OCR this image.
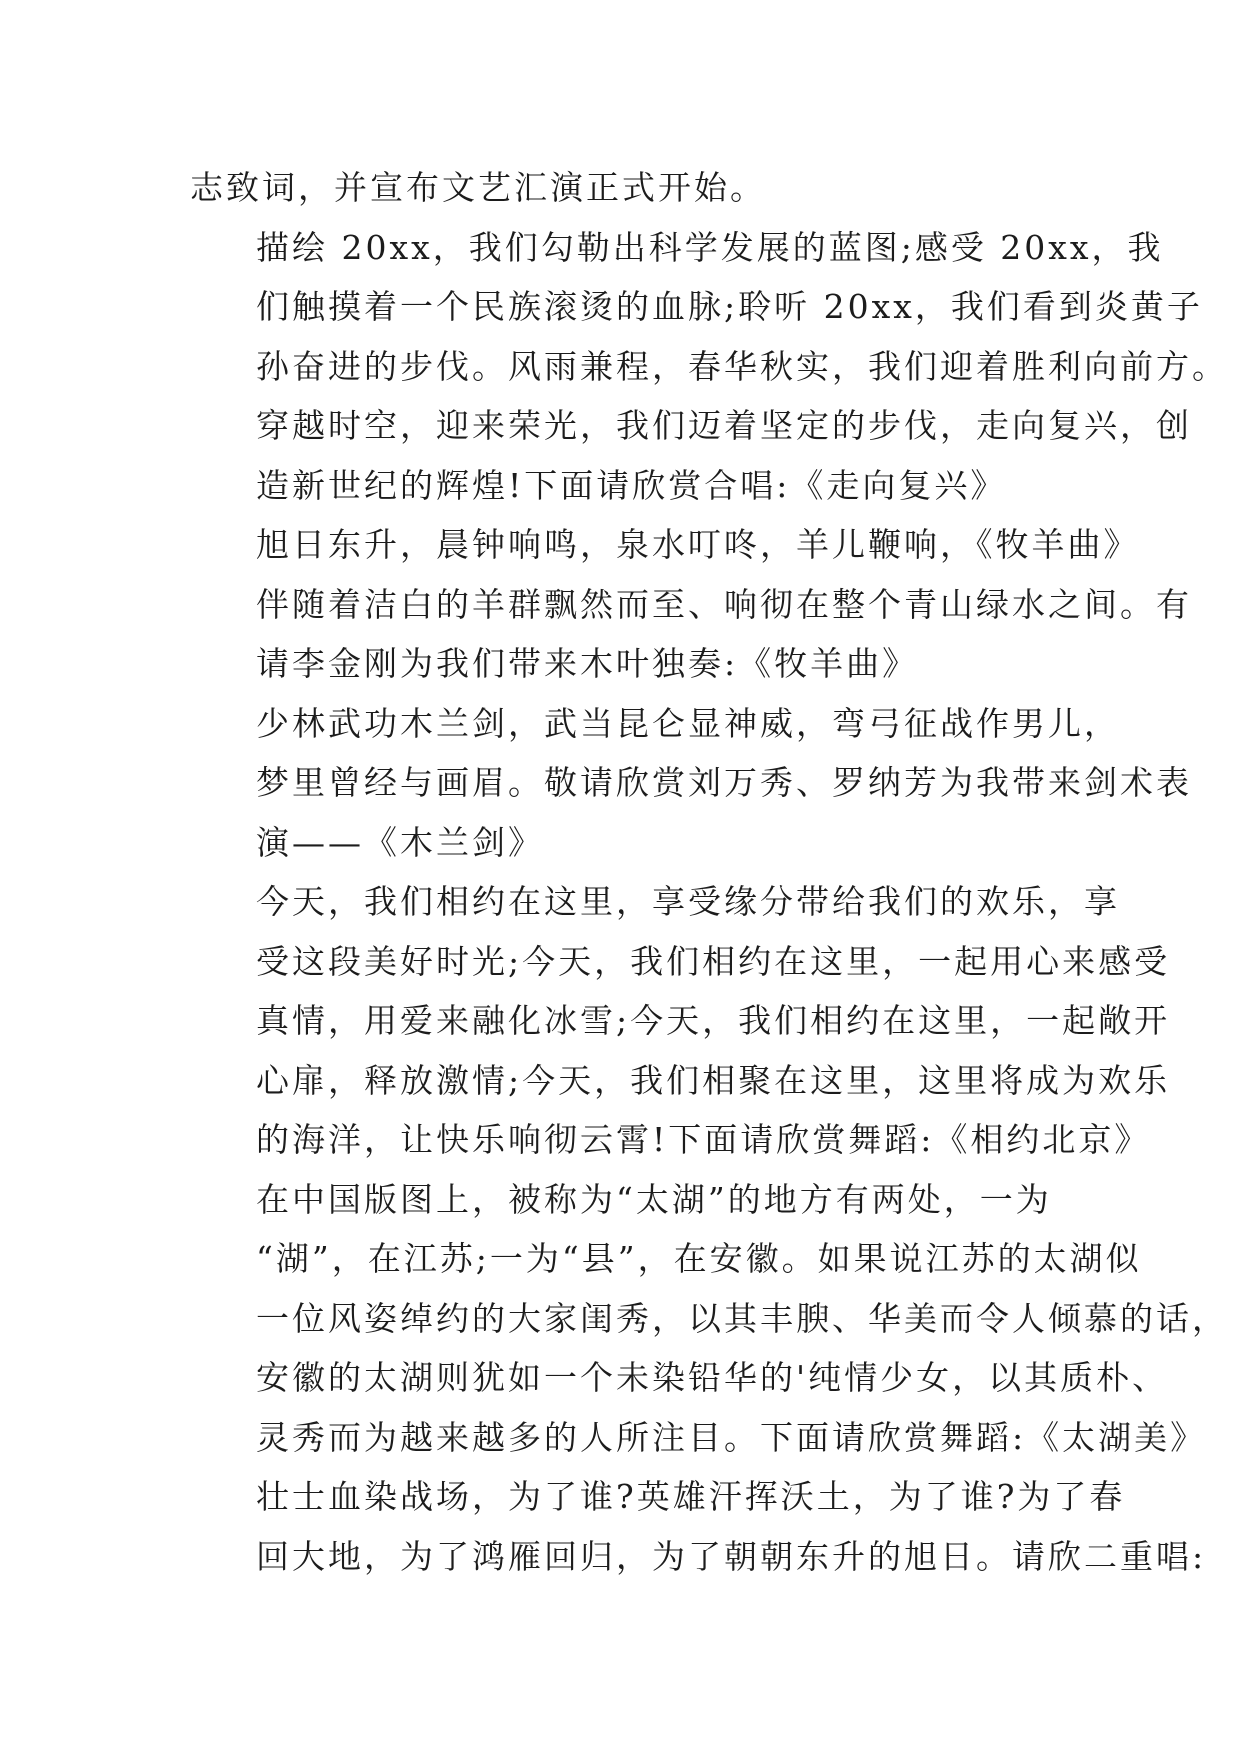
志致词，并宣布文艺汇演正式开始。

描绘 20xx，我们勾勒出科学发展的蓝图;感受 20xx，我
们触摸着一个民族滚烫的血脉;聆听 20xx，我们看到炎黄子
孙奋进的步伐。风雨兼程，春华秋实，我们迎着胜利向前方。
穿越时空，迎来荣光，我们迈着坚定的步伐，走向复兴，创
造新世纪的辉煌!下面请欣赏合唱:《走向复兴》

旭日东升，晨钟响鸣，泉水叮咚，羊儿鞭响，《牧羊曲》
伴随着洁白的羊群飘然而至、响彻在整个青山绿水之间。有
请李金刚为我们带来木叶独奏:《牧羊曲》

少林武功木兰剑，武当昆仑显神威，弯弓征战作男儿，
梦里曾经与画眉。敬请欣赏刘万秀、罗纳芳为我带来剑术表
演——《木兰剑》

今天，我们相约在这里，享受缘分带给我们的欢乐，享
受这段美好时光;今天，我们相约在这里，一起用心来感受
真情，用爱来融化冰雪;今天，我们相约在这里，一起敞开
心扉，释放激情;今天，我们相聚在这里，这里将成为欢乐
的海洋，让快乐响彻云霄!下面请欣赏舞蹈:《相约北京》

在中国版图上，被称为“太湖”的地方有两处，一为
“湖”，在江苏;一为“县”，在安徽。如果说江苏的太湖似
一位风姿绰约的大家闺秀，以其丰腴、华美而令人倾慕的话，
安徽的太湖则犹如一个未染铅华的'纯情少女，以其质朴、
灵秀而为越来越多的人所注目。下面请欣赏舞蹈:《太湖美》

壮士血染战场，为了谁?英雄汗挥沃土，为了谁?为了春
回大地，为了鸿雁回归，为了朝朝东升的旭日。请欣二重唱:
